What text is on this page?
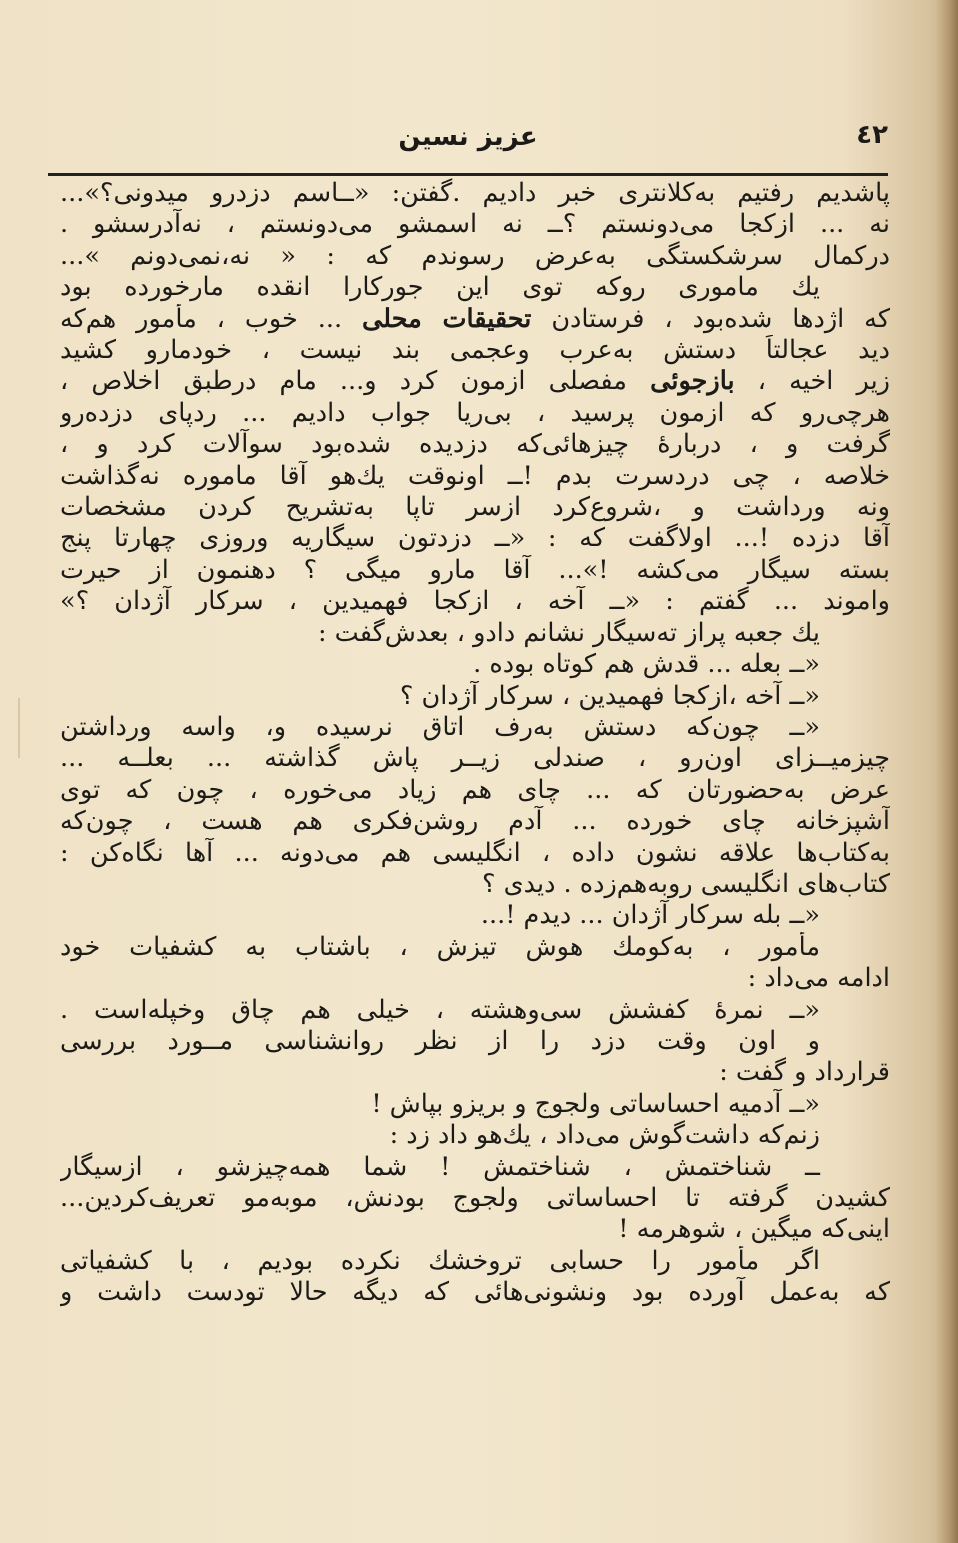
٤٢
عزیز نسین
پاشدیم رفتیم به‌کلانتری خبر دادیم .گفتن: «ــاسم دزدرو میدونی؟»...
نه ... ازکجا می‌دونستم ؟ــ نه اسمشو می‌دونستم ، نه‌آدرسشو .
درکمال سرشکستگی به‌عرض رسوندم که : « نه،نمی‌دونم »...
یك ماموری روکه توی این جورکارا انقده مارخورده بود
که اژدها شده‌بود ، فرستادن تحقیقات محلی ... خوب ، مأمور هم‌که
دید عجالتاً دستش به‌عرب وعجمی بند نیست ، خودمارو کشید
زیر اخیه ، بازجوئی مفصلی ازمون کرد و... مام درطبق اخلاص ،
هرچی‌رو که ازمون پرسید ، بی‌ریا جواب دادیم ... ردپای دزده‌رو
گرفت و ، دربارهٔ چیزهائی‌که دزدیده شده‌بود سوآلات کرد و ،
خلاصه ، چی دردسرت بدم !ــ اونوقت یك‌هو آقا ماموره نه‌گذاشت
ونه ورداشت و ،شروع‌کرد ازسر تاپا به‌تشریح کردن مشخصات
آقا دزده !... اولاگفت که : «ــ دزدتون سیگاریه وروزی چهارتا پنج
بسته سیگار می‌کشه !»... آقا مارو میگی ؟ دهنمون از حیرت
واموند ... گفتم : «ــ آخه ، ازکجا فهمیدین ، سرکار آژدان ؟»
یك جعبه پراز ته‌سیگار نشانم دادو ، بعدش‌گفت :
«ــ بعله ... قدش هم کوتاه بوده .
«ــ آخه ،ازکجا فهمیدین ، سرکار آژدان ؟
«ــ چون‌که دستش به‌رف اتاق نرسیده و، واسه ورداشتن
چیزمیــزای اون‌رو ، صندلی زیــر پاش گذاشته ... بعلــه ...
عرض به‌حضورتان که ... چای هم زیاد می‌خوره ، چون که توی
آشپزخانه چای خورده ... آدم روشن‌فکری هم هست ، چون‌که
به‌کتاب‌ها علاقه نشون داده ، انگلیسی هم می‌دونه ... آها نگاه‌کن :
کتاب‌های انگلیسی روبه‌هم‌زده . دیدی ؟
«ــ بله سرکار آژدان ... دیدم !...
مأمور ، به‌کومك هوش تیزش ، باشتاب به کشفیات خود
ادامه می‌داد :
«ــ نمرهٔ کفشش سی‌وهشته ، خیلی هم چاق وخپله‌است .
و اون وقت دزد را از نظر روانشناسی مــورد بررسی
قرارداد و گفت :
«ــ آدمیه احساساتی ولجوج و بریزو بپاش !
زنم‌که داشت‌گوش می‌داد ، یك‌هو داد زد :
ــ شناختمش ، شناختمش ! شما همه‌چیزشو ، ازسیگار
کشیدن گرفته تا احساساتی ولجوج بودنش، موبه‌مو تعریف‌کردین...
اینی‌که میگین ، شوهرمه !
اگر مأمور را حسابی تروخشك نکرده بودیم ، با کشفیاتی
که به‌عمل آورده بود ونشونی‌هائی که دیگه حالا تودست داشت و
